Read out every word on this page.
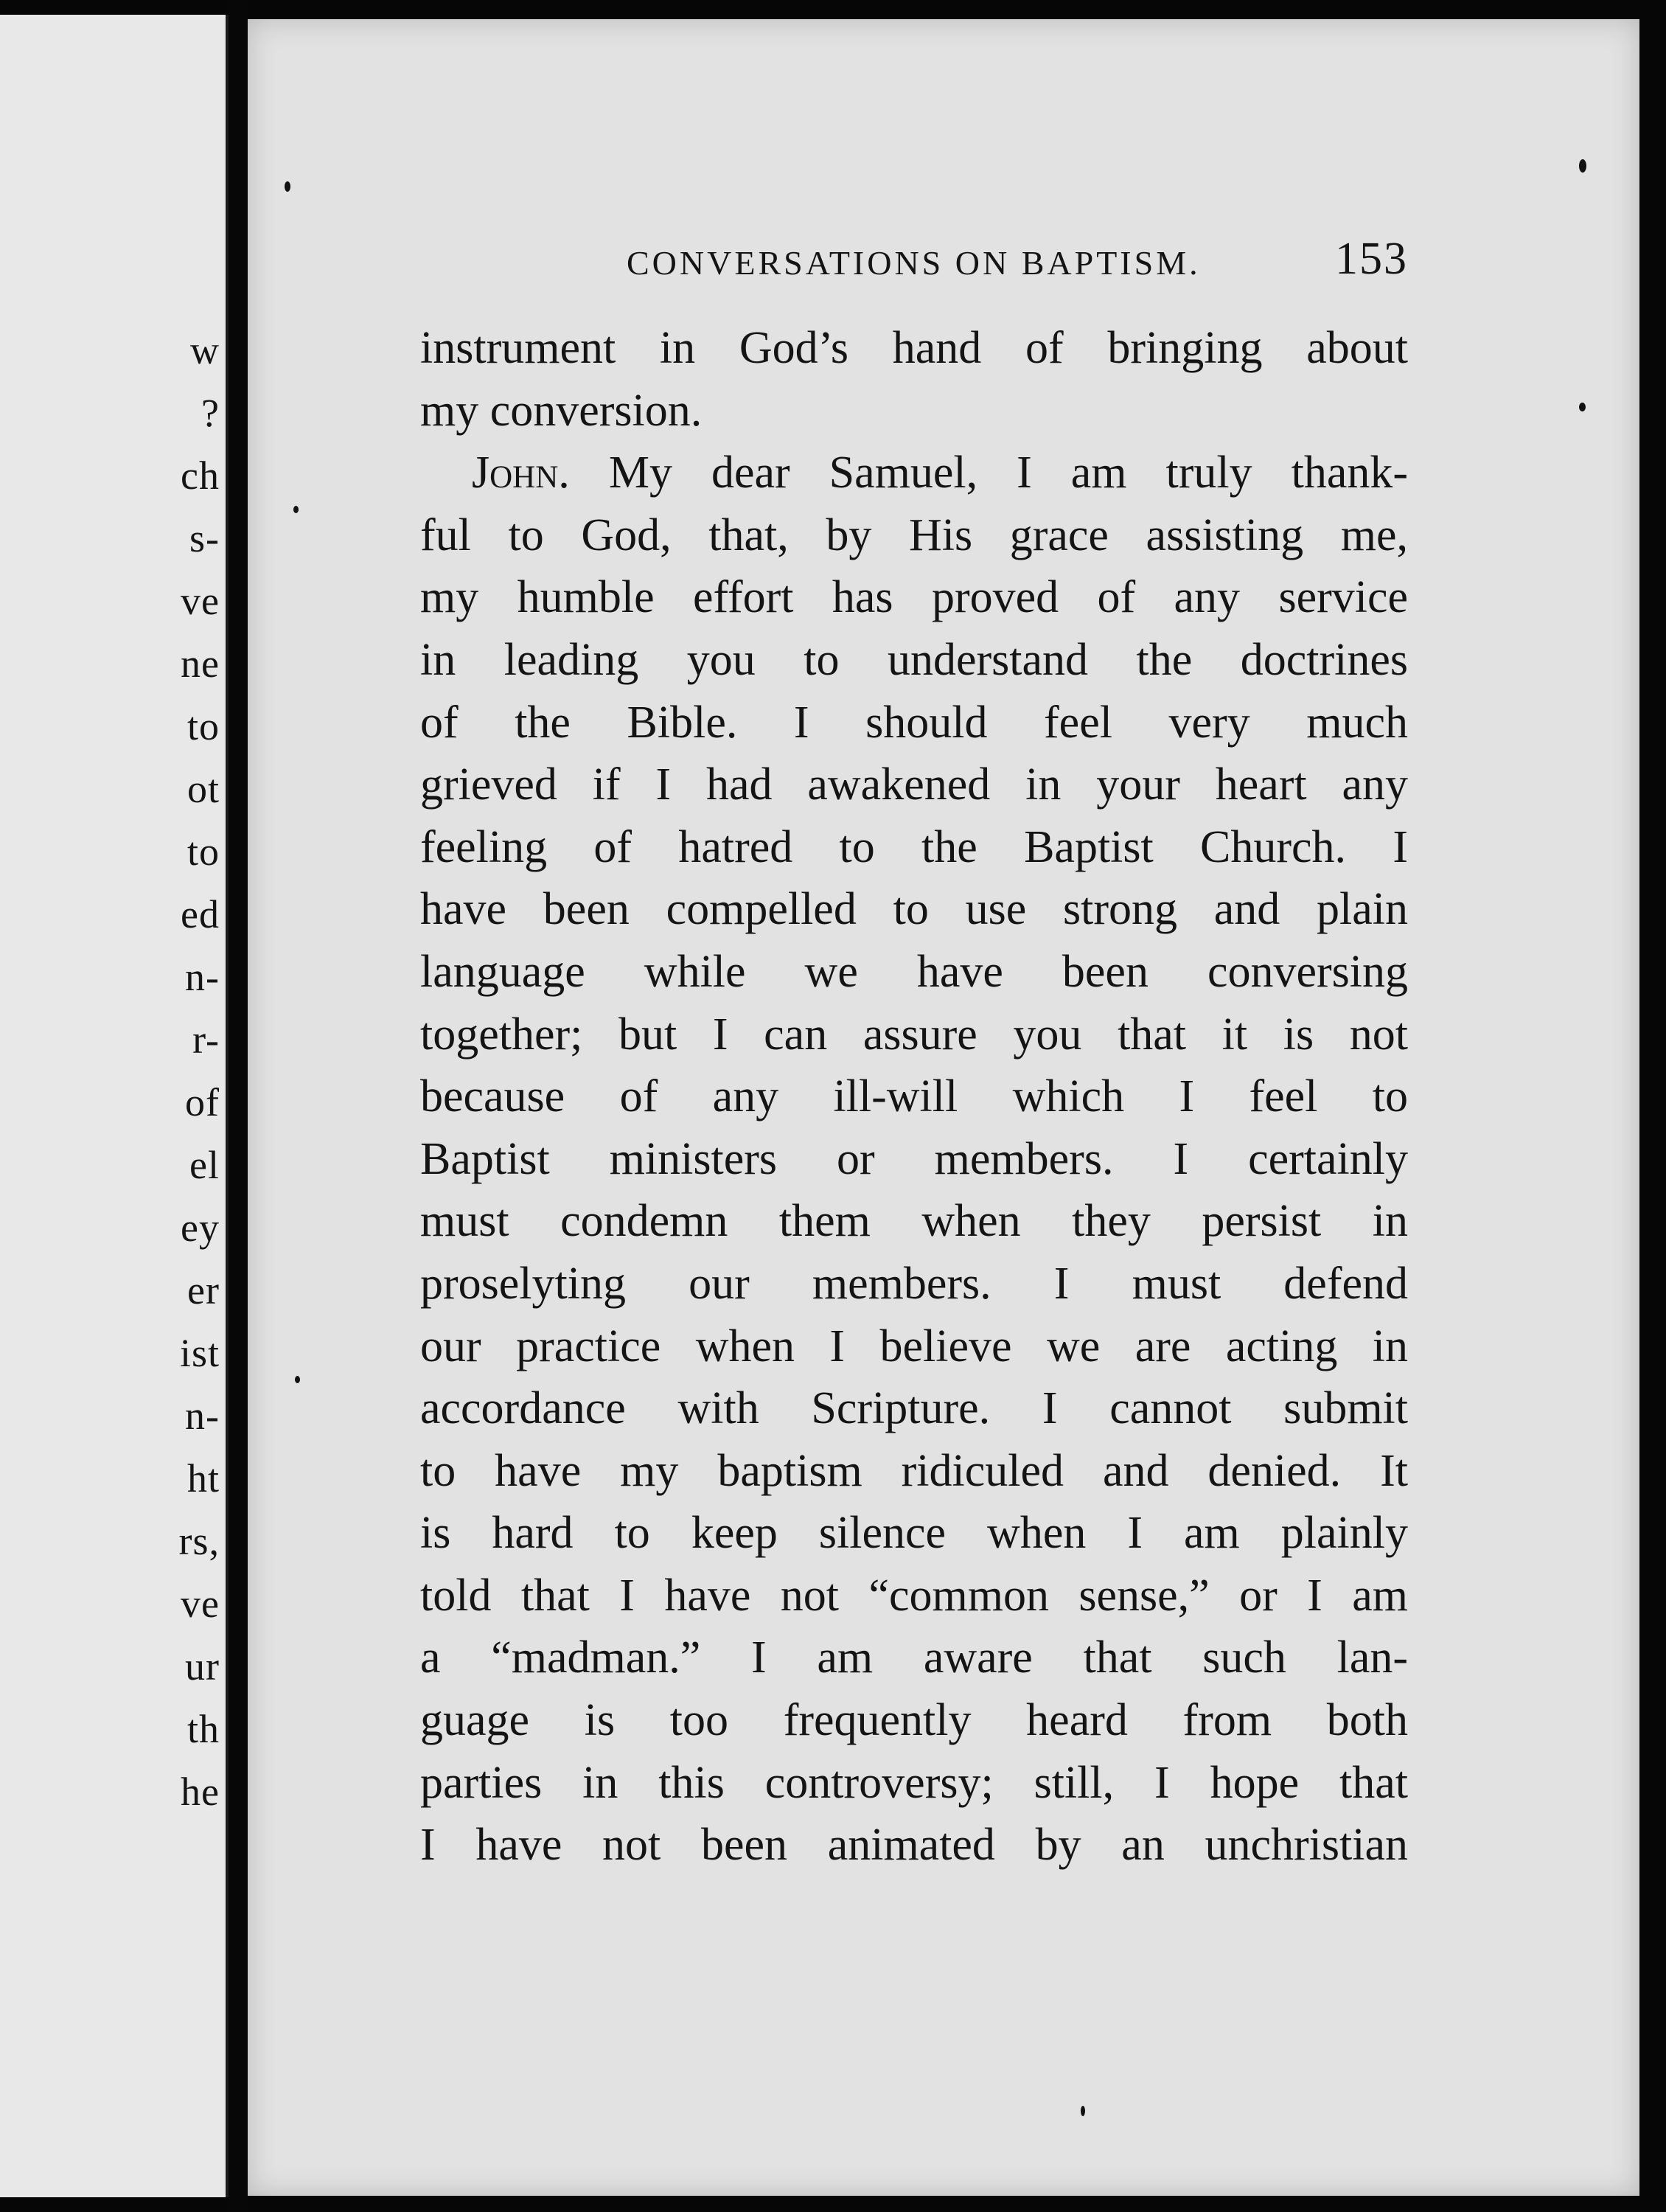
w
?
ch
s-
ve
ne
to
ot
to
ed
n-
r-
of
el
ey
er
ist
n-
ht
rs,
ve
ur
th
he
CONVERSATIONS ON BAPTISM.	153
instrument in God’s hand of bringing about
my conversion.
John. My dear Samuel, I am truly thank-
ful to God, that, by His grace assisting me,
my humble effort has proved of any service
in leading you to understand the doctrines
of the Bible. I should feel very much
grieved if I had awakened in your heart any
feeling of hatred to the Baptist Church. I
have been compelled to use strong and plain
language while we have been conversing
together; but I can assure you that it is not
because of any ill-will which I feel to
Baptist ministers or members. I certainly
must condemn them when they persist in
proselyting our members. I must defend
our practice when I believe we are acting in
accordance with Scripture. I cannot submit
to have my baptism ridiculed and denied. It
is hard to keep silence when I am plainly
told that I have not “common sense,” or I am
a “madman.” I am aware that such lan-
guage is too frequently heard from both
parties in this controversy; still, I hope that
I have not been animated by an unchristian
